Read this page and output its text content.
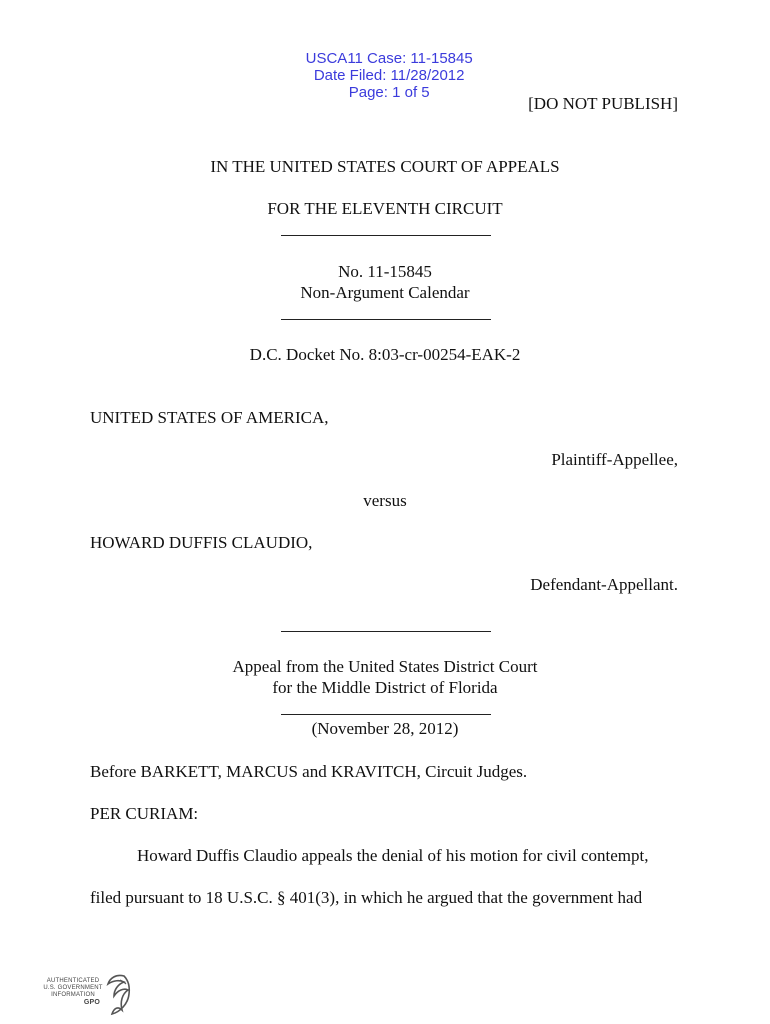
USCA11 Case: 11-15845
Date Filed: 11/28/2012
Page: 1 of 5

[DO NOT PUBLISH]
IN THE UNITED STATES COURT OF APPEALS
FOR THE ELEVENTH CIRCUIT
No. 11-15845
Non-Argument Calendar
D.C. Docket No. 8:03-cr-00254-EAK-2
UNITED STATES OF AMERICA,
Plaintiff-Appellee,
versus
HOWARD DUFFIS CLAUDIO,
Defendant-Appellant.
Appeal from the United States District Court
for the Middle District of Florida
(November 28, 2012)
Before BARKETT, MARCUS and KRAVITCH, Circuit Judges.
PER CURIAM:
Howard Duffis Claudio appeals the denial of his motion for civil contempt,
filed pursuant to 18 U.S.C. § 401(3), in which he argued that the government had
AUTHENTICATED
U.S. GOVERNMENT
INFORMATION
GPO
